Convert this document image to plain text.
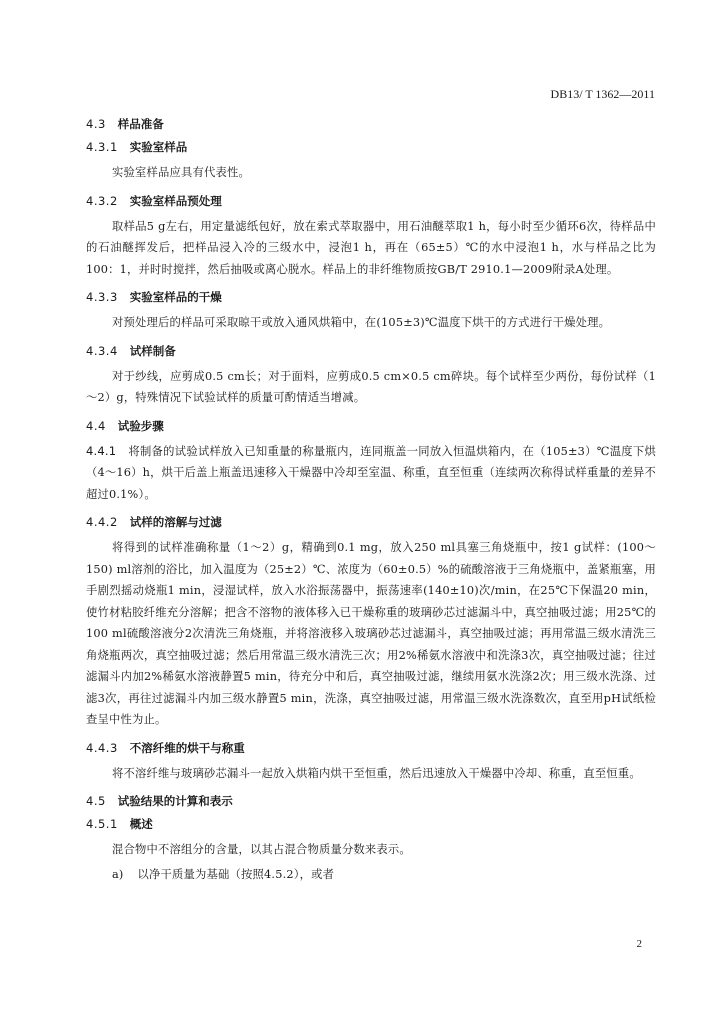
DB13/ T 1362—2011
4.3 样品准备
4.3.1 实验室样品
实验室样品应具有代表性。
4.3.2 实验室样品预处理
取样品5 g左右，用定量滤纸包好，放在索式萃取器中，用石油醚萃取1 h，每小时至少循环6次，待样品中的石油醚挥发后，把样品浸入冷的三级水中，浸泡1 h，再在（65±5）℃的水中浸泡1 h，水与样品之比为100：1，并时时搅拌，然后抽吸或离心脱水。样品上的非纤维物质按GB/T 2910.1—2009附录A处理。
4.3.3 实验室样品的干燥
对预处理后的样品可采取晾干或放入通风烘箱中，在(105±3)℃温度下烘干的方式进行干燥处理。
4.3.4 试样制备
对于纱线，应剪成0.5 cm长；对于面料，应剪成0.5 cm×0.5 cm碎块。每个试样至少两份，每份试样（1～2）g，特殊情况下试验试样的质量可酌情适当增减。
4.4 试验步骤
4.4.1 将制备的试验试样放入已知重量的称量瓶内，连同瓶盖一同放入恒温烘箱内，在（105±3）℃温度下烘（4～16）h，烘干后盖上瓶盖迅速移入干燥器中冷却至室温、称重，直至恒重（连续两次称得试样重量的差异不超过0.1%）。
4.4.2 试样的溶解与过滤
将得到的试样准确称量（1～2）g，精确到0.1 mg，放入250 ml具塞三角烧瓶中，按1 g试样：(100～150) ml溶剂的浴比，加入温度为（25±2）℃、浓度为（60±0.5）%的硫酸溶液于三角烧瓶中，盖紧瓶塞，用手剧烈摇动烧瓶1 min，浸湿试样，放入水浴振荡器中，振荡速率(140±10)次/min，在25℃下保温20 min，使竹材粘胶纤维充分溶解；把含不溶物的液体移入已干燥称重的玻璃砂芯过滤漏斗中，真空抽吸过滤；用25℃的100 ml硫酸溶液分2次清洗三角烧瓶，并将溶液移入玻璃砂芯过滤漏斗，真空抽吸过滤；再用常温三级水清洗三角烧瓶两次，真空抽吸过滤；然后用常温三级水清洗三次；用2%稀氨水溶液中和洗涤3次，真空抽吸过滤；往过滤漏斗内加2%稀氨水溶液静置5 min，待充分中和后，真空抽吸过滤，继续用氨水洗涤2次；用三级水洗涤、过滤3次，再往过滤漏斗内加三级水静置5 min，洗涤，真空抽吸过滤，用常温三级水洗涤数次，直至用pH试纸检查呈中性为止。
4.4.3 不溶纤维的烘干与称重
将不溶纤维与玻璃砂芯漏斗一起放入烘箱内烘干至恒重，然后迅速放入干燥器中冷却、称重，直至恒重。
4.5 试验结果的计算和表示
4.5.1 概述
混合物中不溶组分的含量，以其占混合物质量分数来表示。
a) 以净干质量为基础（按照4.5.2），或者
2
